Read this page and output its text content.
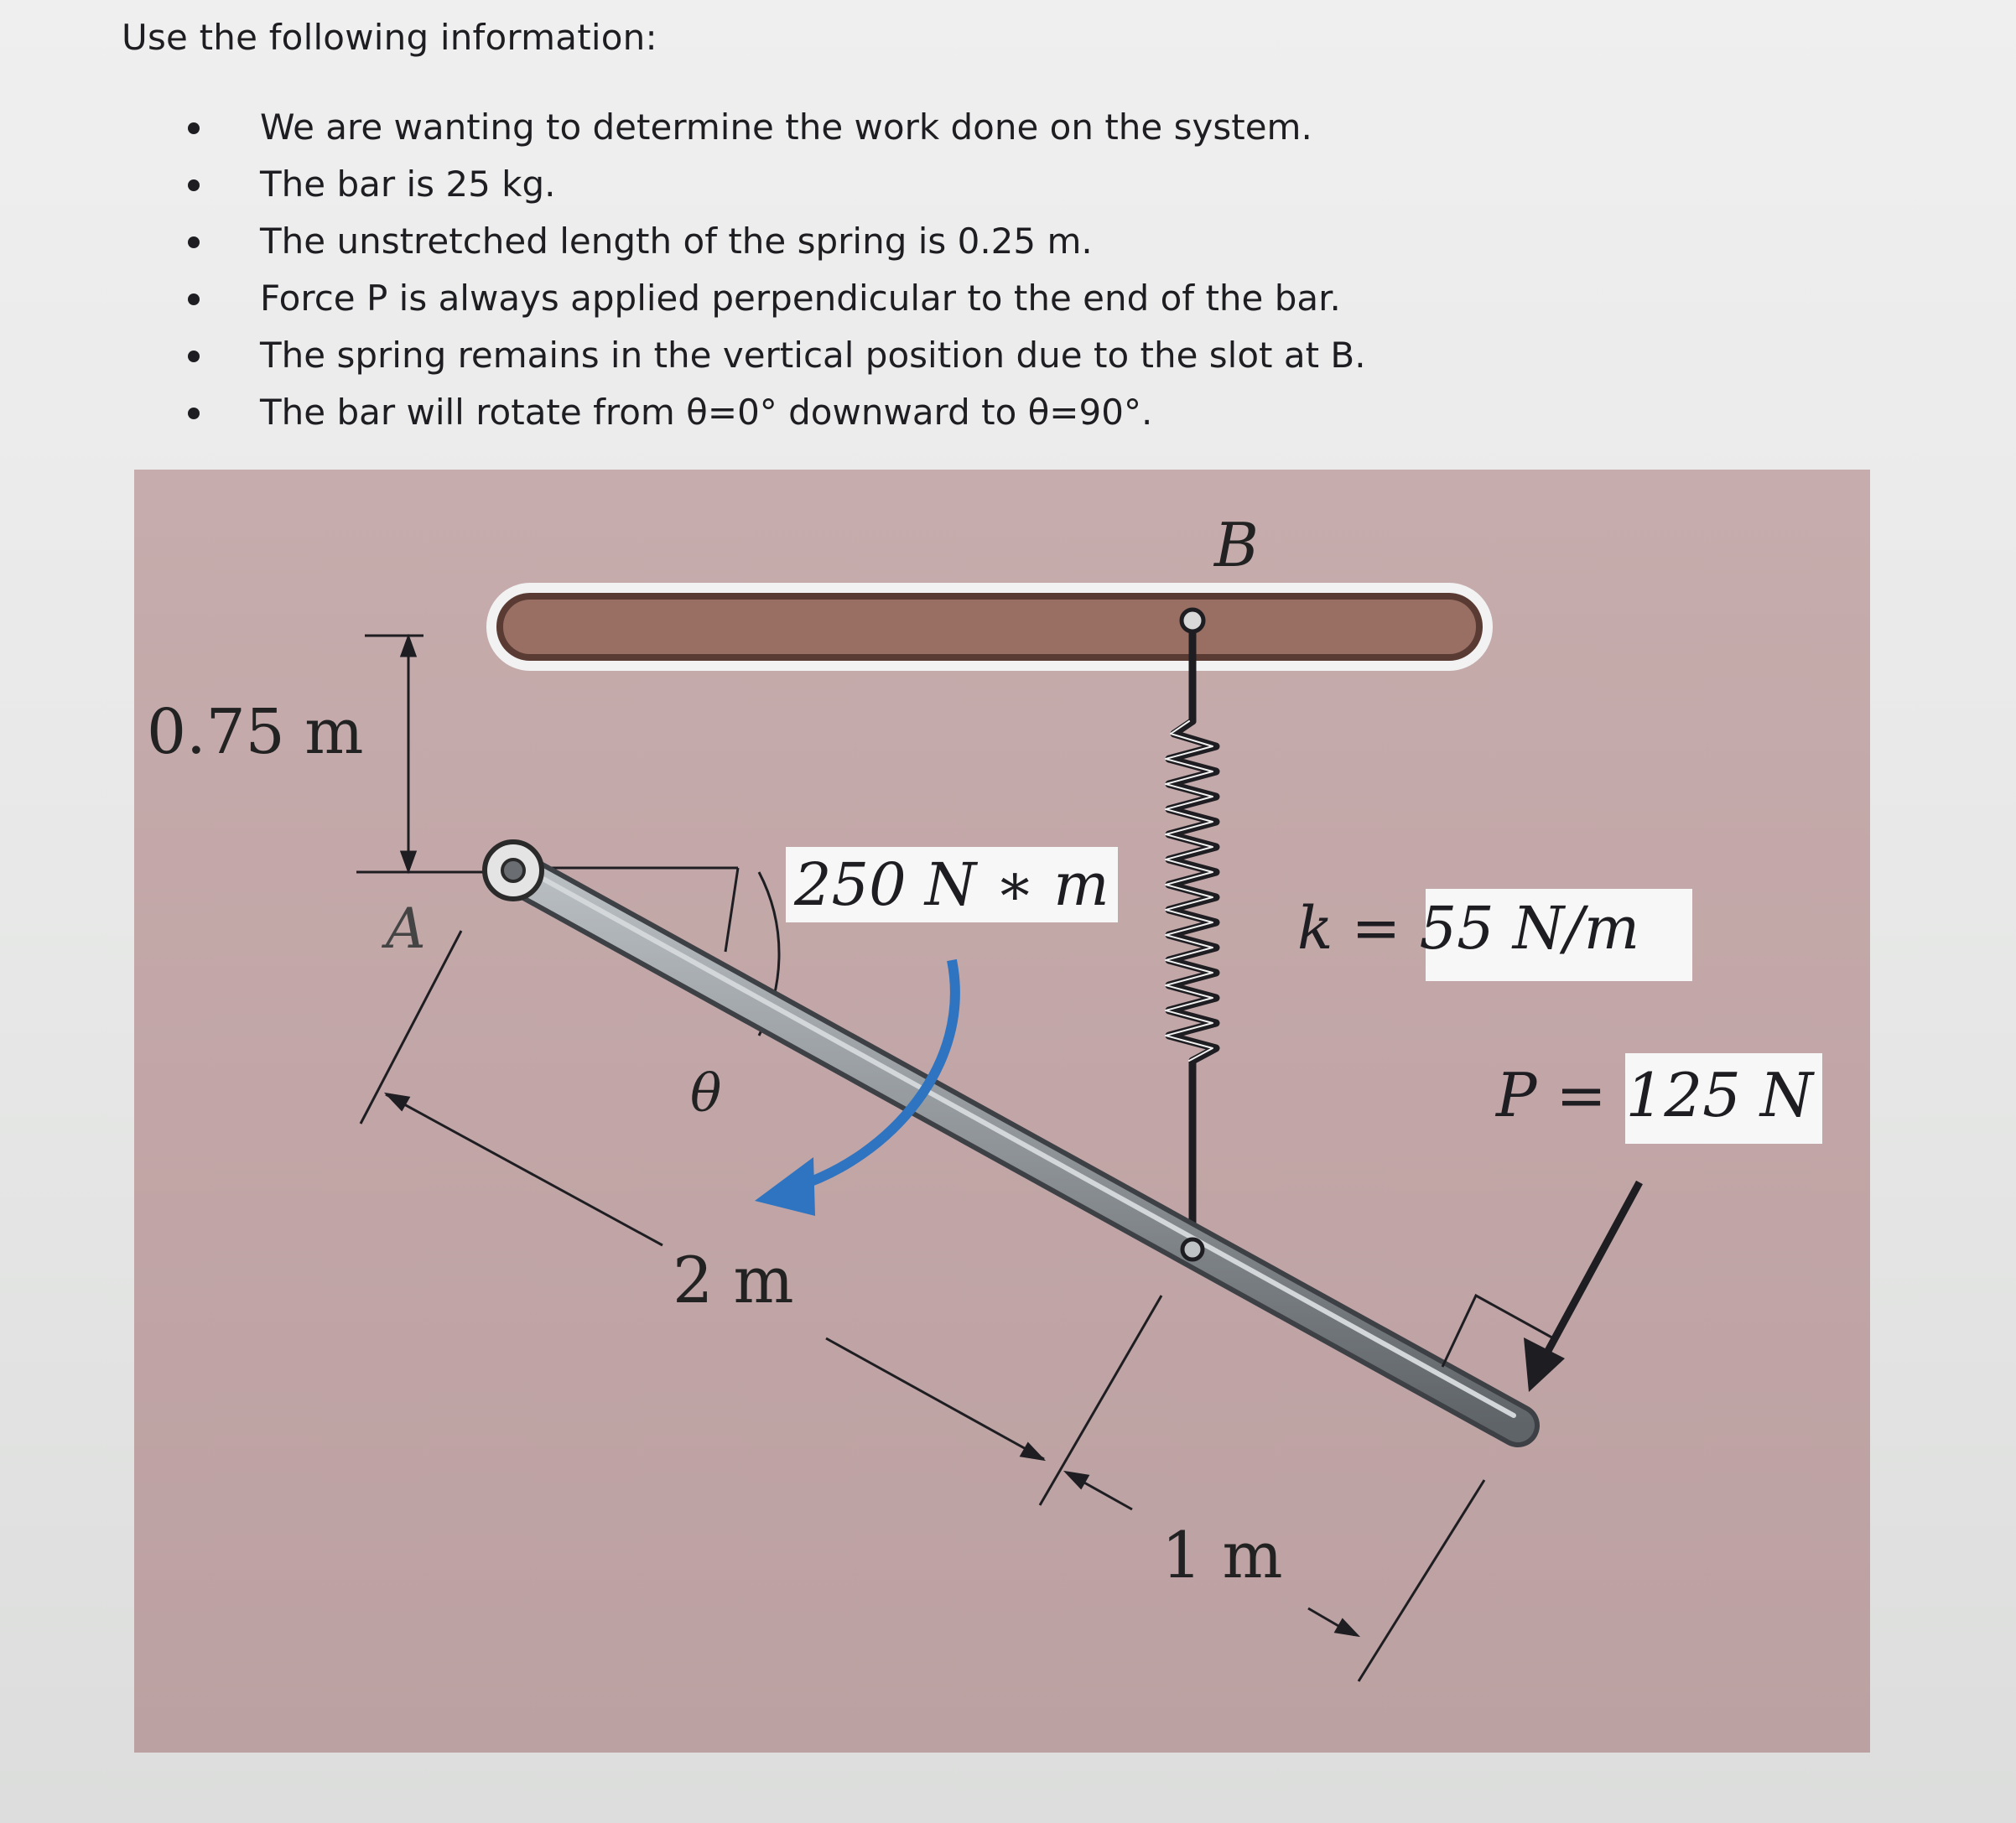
Use the following information:
We are wanting to determine the work done on the system.
The bar is 25 kg.
The unstretched length of the spring is 0.25 m.
Force P is always applied perpendicular to the end of the bar.
The spring remains in the vertical position due to the slot at B.
The bar will rotate from θ=0° downward to θ=90°.
B
A
θ
0.75 m
250 N ∗ m
k = 55 N/m
P = 125 N
2 m
1 m
